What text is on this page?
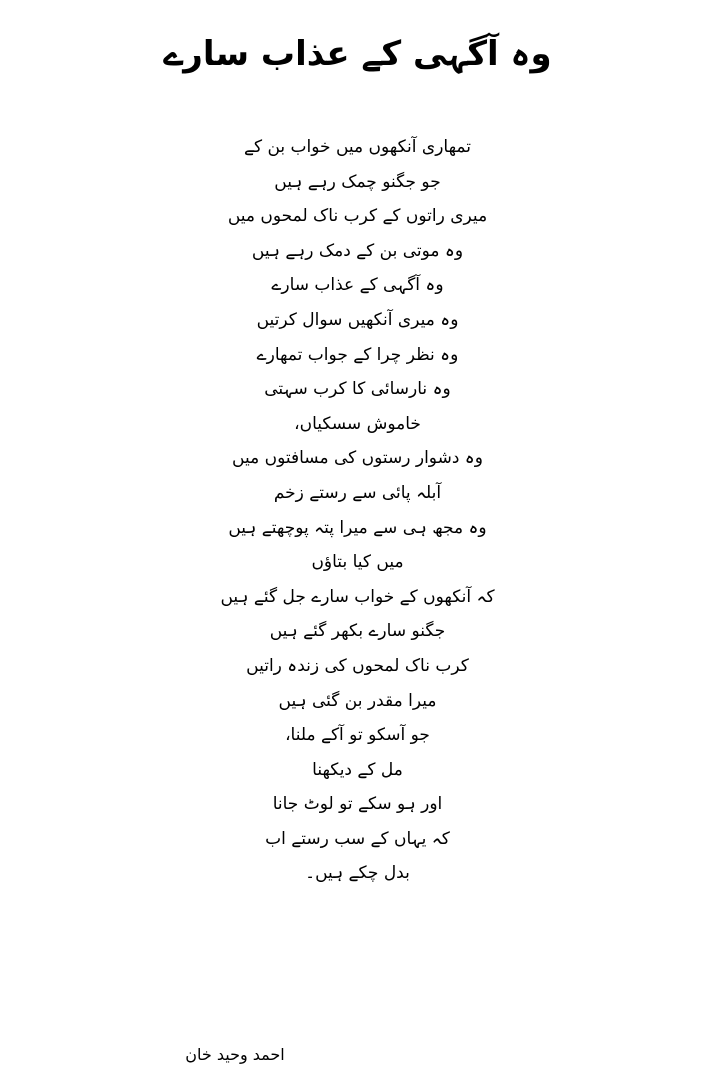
وہ آگہی کے عذاب سارے
تمھاری آنکھوں میں خواب بن کے
جو جگنو چمک رہے ہیں
میری راتوں کے کرب ناک لمحوں میں
وہ موتی بن کے دمک رہے ہیں
وہ آگہی کے عذاب سارے
وہ میری آنکھیں سوال کرتیں
وہ نظر چرا کے جواب تمھارے
وہ نارسائی کا کرب سہتی
خاموش سسکیاں،
وہ دشوار رستوں کی مسافتوں میں
آبلہ پائی سے رستے زخم
وہ مجھ ہی سے میرا پتہ پوچھتے ہیں
میں کیا بتاؤں
کہ آنکھوں کے خواب سارے جل گئے ہیں
جگنو سارے بکھر گئے ہیں
کرب ناک لمحوں کی زندہ راتیں
میرا مقدر بن گئی ہیں
جو آسکو تو آکے ملنا،
مل کے دیکھنا
اور ہو سکے تو لوٹ جانا
کہ یہاں کے سب رستے اب
بدل چکے ہیں۔
احمد وحید خان
